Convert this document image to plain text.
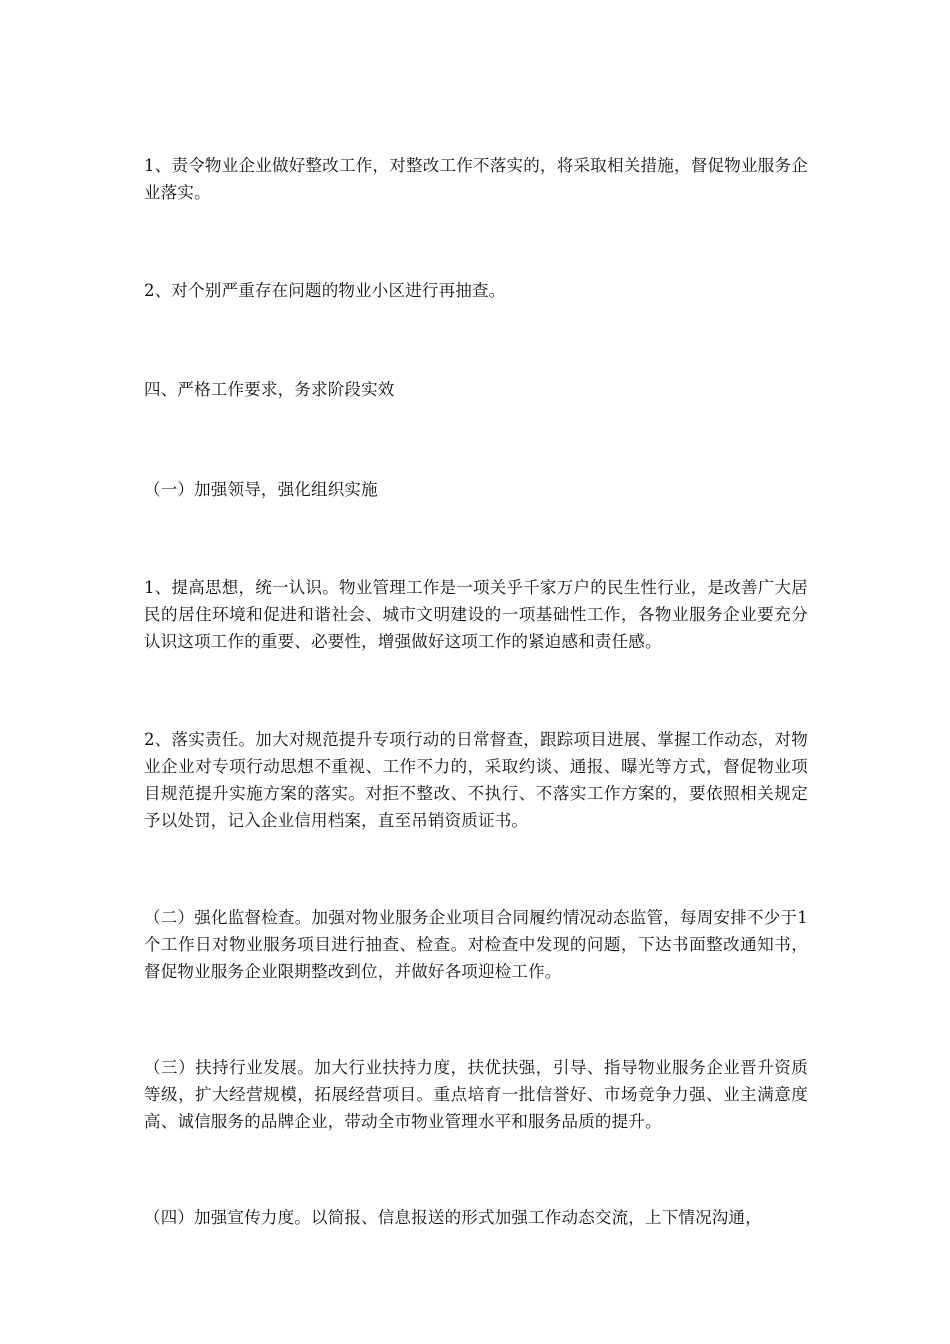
1、责令物业企业做好整改工作，对整改工作不落实的，将采取相关措施，督促物业服务企业落实。

2、对个别严重存在问题的物业小区进行再抽查。

四、严格工作要求，务求阶段实效

（一）加强领导，强化组织实施

1、提高思想，统一认识。物业管理工作是一项关乎千家万户的民生性行业，是改善广大居民的居住环境和促进和谐社会、城市文明建设的一项基础性工作，各物业服务企业要充分认识这项工作的重要、必要性，增强做好这项工作的紧迫感和责任感。

2、落实责任。加大对规范提升专项行动的日常督查，跟踪项目进展、掌握工作动态，对物业企业对专项行动思想不重视、工作不力的，采取约谈、通报、曝光等方式，督促物业项目规范提升实施方案的落实。对拒不整改、不执行、不落实工作方案的，要依照相关规定予以处罚，记入企业信用档案，直至吊销资质证书。

（二）强化监督检查。加强对物业服务企业项目合同履约情况动态监管，每周安排不少于1个工作日对物业服务项目进行抽查、检查。对检查中发现的问题，下达书面整改通知书，督促物业服务企业限期整改到位，并做好各项迎检工作。

（三）扶持行业发展。加大行业扶持力度，扶优扶强，引导、指导物业服务企业晋升资质等级，扩大经营规模，拓展经营项目。重点培育一批信誉好、市场竞争力强、业主满意度高、诚信服务的品牌企业，带动全市物业管理水平和服务品质的提升。

（四）加强宣传力度。以简报、信息报送的形式加强工作动态交流，上下情况沟通，
